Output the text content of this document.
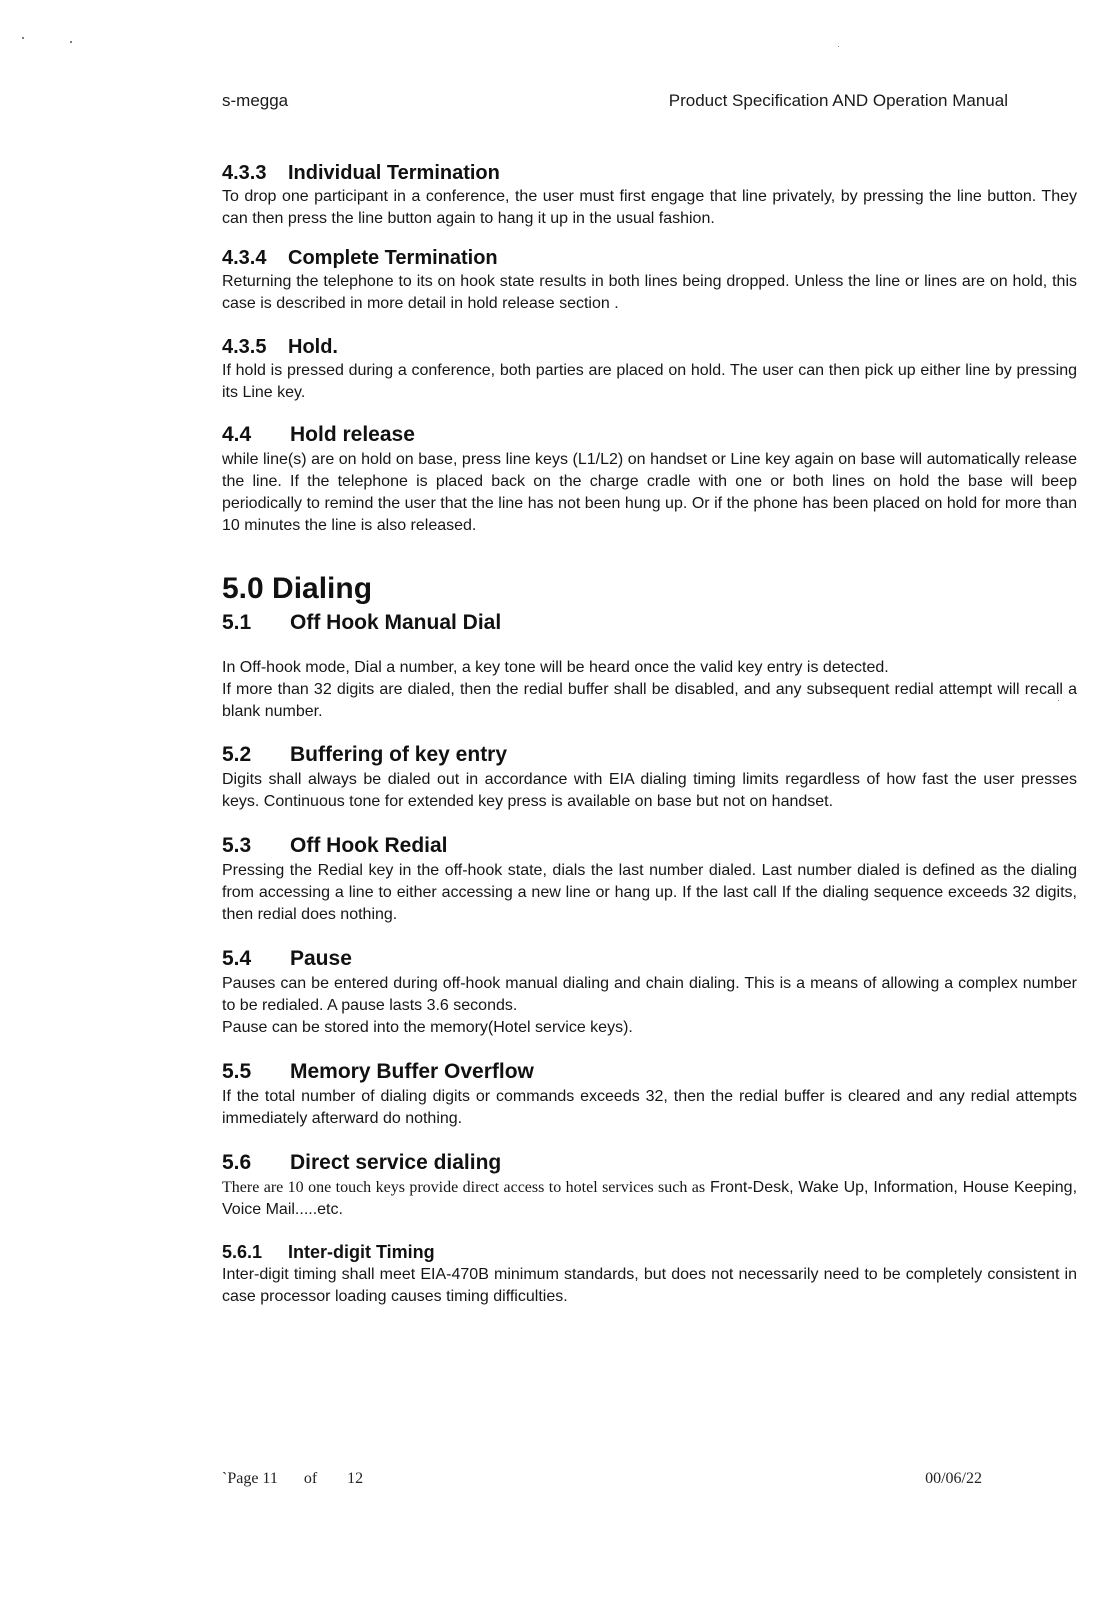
s-megga	Product Specification AND Operation Manual
4.3.3 Individual Termination

To drop one participant in a conference, the user must first engage that line privately, by pressing the line button. They can then press the line button again to hang it up in the usual fashion.

4.3.4 Complete Termination

Returning the telephone to its on hook state results in both lines being dropped. Unless the line or lines are on hold, this case is described in more detail in hold release section .

4.3.5 Hold.

If hold is pressed during a conference, both parties are placed on hold. The user can then pick up either line by pressing its Line key.

4.4 Hold release

while line(s) are on hold on base, press line keys (L1/L2) on handset or Line key again on base will automatically release the line. If the telephone is placed back on the charge cradle with one or both lines on hold the base will beep periodically to remind the user that the line has not been hung up. Or if the phone has been placed on hold for more than 10 minutes the line is also released.

5.0 Dialing
5.1 Off Hook Manual Dial

In Off-hook mode, Dial a number, a key tone will be heard once the valid key entry is detected.

If more than 32 digits are dialed, then the redial buffer shall be disabled, and any subsequent redial attempt will recall a blank number.

5.2 Buffering of key entry

Digits shall always be dialed out in accordance with EIA dialing timing limits regardless of how fast the user presses keys. Continuous tone for extended key press is available on base but not on handset.

5.3 Off Hook Redial

Pressing the Redial key in the off-hook state, dials the last number dialed. Last number dialed is defined as the dialing from accessing a line to either accessing a new line or hang up. If the last call If the dialing sequence exceeds 32 digits, then redial does nothing.

5.4 Pause

Pauses can be entered during off-hook manual dialing and chain dialing. This is a means of allowing a complex number to be redialed. A pause lasts 3.6 seconds.

Pause can be stored into the memory(Hotel service keys).

5.5 Memory Buffer Overflow

If the total number of dialing digits or commands exceeds 32, then the redial buffer is cleared and any redial attempts immediately afterward do nothing.

5.6 Direct service dialing

There are 10 one touch keys provide direct access to hotel services such as Front-Desk, Wake Up, Information, House Keeping, Voice Mail.....etc.

5.6.1 Inter-digit Timing

Inter-digit timing shall meet EIA-470B minimum standards, but does not necessarily need to be completely consistent in case processor loading causes timing difficulties.

`Page 11 of 12	00/06/22
